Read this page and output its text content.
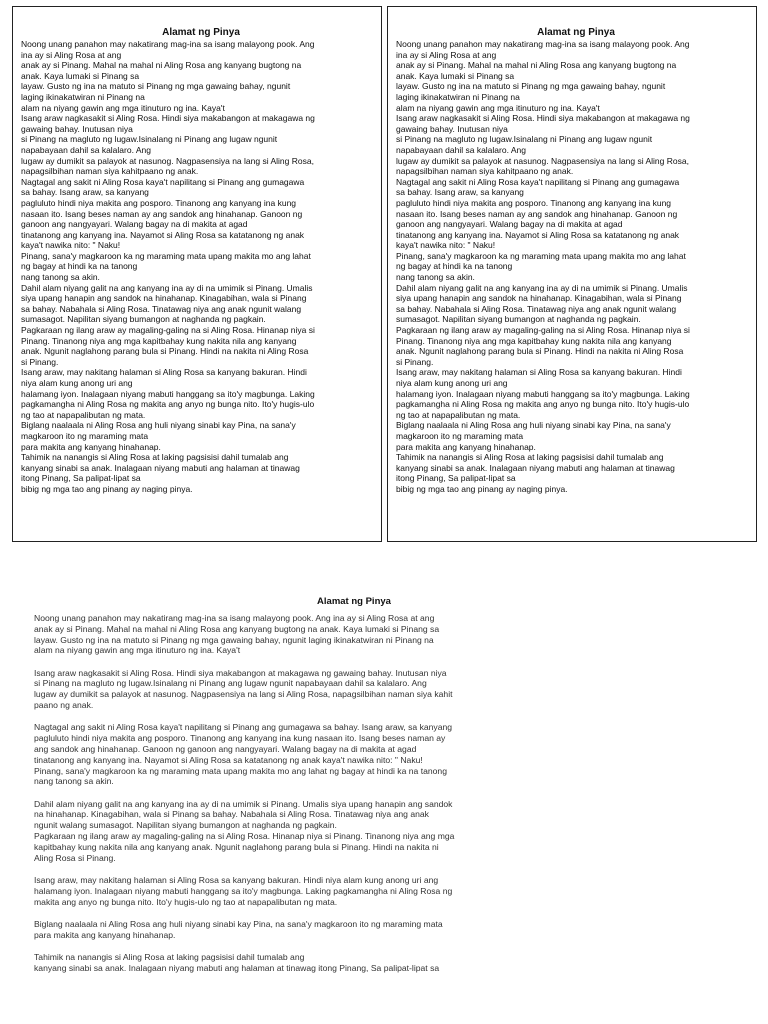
Alamat ng Pinya
Noong unang panahon may nakatirang mag-ina sa isang malayong pook. Ang
ina ay si Aling Rosa at ang
anak ay si Pinang. Mahal na mahal ni Aling Rosa ang kanyang bugtong na
anak. Kaya lumaki si Pinang sa
layaw. Gusto ng ina na matuto si Pinang ng mga gawaing bahay, ngunit
laging ikinakatwiran ni Pinang na
alam na niyang gawin ang mga itinuturo ng ina. Kaya't
Isang araw nagkasakit si Aling Rosa. Hindi siya makabangon at makagawa ng
gawaing bahay. Inutusan niya
si Pinang na magluto ng lugaw.Isinalang ni Pinang ang lugaw ngunit
napabayaan dahil sa kalalaro. Ang
lugaw ay dumikit sa palayok at nasunog. Nagpasensiya na lang si Aling Rosa,
napagsilbihan naman siya kahitpaano ng anak.
Nagtagal ang sakit ni Aling Rosa kaya't napilitang si Pinang ang gumagawa
sa bahay. Isang araw, sa kanyang
pagluluto hindi niya makita ang posporo. Tinanong ang kanyang ina kung
nasaan ito. Isang beses naman ay ang sandok ang hinahanap. Ganoon ng
ganoon ang nangyayari. Walang bagay na di makita at agad
tinatanong ang kanyang ina. Nayamot si Aling Rosa sa katatanong ng anak
kaya't nawika nito: " Naku!
Pinang, sana'y magkaroon ka ng maraming mata upang makita mo ang lahat
ng bagay at hindi ka na tanong
nang tanong sa akin.
Dahil alam niyang galit na ang kanyang ina ay di na umimik si Pinang. Umalis
siya upang hanapin ang sandok na hinahanap. Kinagabihan, wala si Pinang
sa bahay. Nabahala si Aling Rosa. Tinatawag niya ang anak ngunit walang
sumasagot. Napilitan siyang bumangon at naghanda ng pagkain.
Pagkaraan ng ilang araw ay magaling-galing na si Aling Rosa. Hinanap niya si
Pinang. Tinanong niya ang mga kapitbahay kung nakita nila ang kanyang
anak. Ngunit naglahong parang bula si Pinang. Hindi na nakita ni Aling Rosa
si Pinang.
Isang araw, may nakitang halaman si Aling Rosa sa kanyang bakuran. Hindi
niya alam kung anong uri ang
halamang iyon. Inalagaan niyang mabuti hanggang sa ito'y magbunga. Laking
pagkamangha ni Aling Rosa ng makita ang anyo ng bunga nito. Ito'y hugis-ulo
ng tao at napapalibutan ng mata.
Biglang naalaala ni Aling Rosa ang huli niyang sinabi kay Pina, na sana'y
magkaroon ito ng maraming mata
para makita ang kanyang hinahanap.
Tahimik na nanangis si Aling Rosa at laking pagsisisi dahil tumalab ang
kanyang sinabi sa anak. Inalagaan niyang mabuti ang halaman at tinawag
itong Pinang, Sa palipat-lipat sa
bibig ng mga tao ang pinang ay naging pinya.
Alamat ng Pinya
Noong unang panahon may nakatirang mag-ina sa isang malayong pook. Ang
ina ay si Aling Rosa at ang
anak ay si Pinang. Mahal na mahal ni Aling Rosa ang kanyang bugtong na
anak. Kaya lumaki si Pinang sa
layaw. Gusto ng ina na matuto si Pinang ng mga gawaing bahay, ngunit
laging ikinakatwiran ni Pinang na
alam na niyang gawin ang mga itinuturo ng ina. Kaya't
Isang araw nagkasakit si Aling Rosa. Hindi siya makabangon at makagawa ng
gawaing bahay. Inutusan niya
si Pinang na magluto ng lugaw.Isinalang ni Pinang ang lugaw ngunit
napabayaan dahil sa kalalaro. Ang
lugaw ay dumikit sa palayok at nasunog. Nagpasensiya na lang si Aling Rosa,
napagsilbihan naman siya kahitpaano ng anak.
Nagtagal ang sakit ni Aling Rosa kaya't napilitang si Pinang ang gumagawa
sa bahay. Isang araw, sa kanyang
pagluluto hindi niya makita ang posporo. Tinanong ang kanyang ina kung
nasaan ito. Isang beses naman ay ang sandok ang hinahanap. Ganoon ng
ganoon ang nangyayari. Walang bagay na di makita at agad
tinatanong ang kanyang ina. Nayamot si Aling Rosa sa katatanong ng anak
kaya't nawika nito: " Naku!
Pinang, sana'y magkaroon ka ng maraming mata upang makita mo ang lahat
ng bagay at hindi ka na tanong
nang tanong sa akin.
Dahil alam niyang galit na ang kanyang ina ay di na umimik si Pinang. Umalis
siya upang hanapin ang sandok na hinahanap. Kinagabihan, wala si Pinang
sa bahay. Nabahala si Aling Rosa. Tinatawag niya ang anak ngunit walang
sumasagot. Napilitan siyang bumangon at naghanda ng pagkain.
Pagkaraan ng ilang araw ay magaling-galing na si Aling Rosa. Hinanap niya si
Pinang. Tinanong niya ang mga kapitbahay kung nakita nila ang kanyang
anak. Ngunit naglahong parang bula si Pinang. Hindi na nakita ni Aling Rosa
si Pinang.
Isang araw, may nakitang halaman si Aling Rosa sa kanyang bakuran. Hindi
niya alam kung anong uri ang
halamang iyon. Inalagaan niyang mabuti hanggang sa ito'y magbunga. Laking
pagkamangha ni Aling Rosa ng makita ang anyo ng bunga nito. Ito'y hugis-ulo
ng tao at napapalibutan ng mata.
Biglang naalaala ni Aling Rosa ang huli niyang sinabi kay Pina, na sana'y
magkaroon ito ng maraming mata
para makita ang kanyang hinahanap.
Tahimik na nanangis si Aling Rosa at laking pagsisisi dahil tumalab ang
kanyang sinabi sa anak. Inalagaan niyang mabuti ang halaman at tinawag
itong Pinang, Sa palipat-lipat sa
bibig ng mga tao ang pinang ay naging pinya.
Alamat ng Pinya
Noong unang panahon may nakatirang mag-ina sa isang malayong pook. Ang ina ay si Aling Rosa at ang
anak ay si Pinang. Mahal na mahal ni Aling Rosa ang kanyang bugtong na anak. Kaya lumaki si Pinang sa
layaw. Gusto ng ina na matuto si Pinang ng mga gawaing bahay, ngunit laging ikinakatwiran ni Pinang na
alam na niyang gawin ang mga itinuturo ng ina. Kaya't
Isang araw nagkasakit si Aling Rosa. Hindi siya makabangon at makagawa ng gawaing bahay. Inutusan niya
si Pinang na magluto ng lugaw.Isinalang ni Pinang ang lugaw ngunit napabayaan dahil sa kalalaro. Ang
lugaw ay dumikit sa palayok at nasunog. Nagpasensiya na lang si Aling Rosa, napagsilbihan naman siya kahit
paano ng anak.
Nagtagal ang sakit ni Aling Rosa kaya't napilitang si Pinang ang gumagawa sa bahay. Isang araw, sa kanyang
pagluluto hindi niya makita ang posporo. Tinanong ang kanyang ina kung nasaan ito. Isang beses naman ay
ang sandok ang hinahanap. Ganoon ng ganoon ang nangyayari. Walang bagay na di makita at agad
tinatanong ang kanyang ina. Nayamot si Aling Rosa sa katatanong ng anak kaya't nawika nito: " Naku!
Pinang, sana'y magkaroon ka ng maraming mata upang makita mo ang lahat ng bagay at hindi ka na tanong
nang tanong sa akin.
Dahil alam niyang galit na ang kanyang ina ay di na umimik si Pinang. Umalis siya upang hanapin ang sandok
na hinahanap. Kinagabihan, wala si Pinang sa bahay. Nabahala si Aling Rosa. Tinatawag niya ang anak
ngunit walang sumasagot. Napilitan siyang bumangon at naghanda ng pagkain.
Pagkaraan ng ilang araw ay magaling-galing na si Aling Rosa. Hinanap niya si Pinang. Tinanong niya ang mga
kapitbahay kung nakita nila ang kanyang anak. Ngunit naglahong parang bula si Pinang. Hindi na nakita ni
Aling Rosa si Pinang.
Isang araw, may nakitang halaman si Aling Rosa sa kanyang bakuran. Hindi niya alam kung anong uri ang
halamang iyon. Inalagaan niyang mabuti hanggang sa ito'y magbunga. Laking pagkamangha ni Aling Rosa ng
makita ang anyo ng bunga nito. Ito'y hugis-ulo ng tao at napapalibutan ng mata.
Biglang naalaala ni Aling Rosa ang huli niyang sinabi kay Pina, na sana'y magkaroon ito ng maraming mata
para makita ang kanyang hinahanap.
Tahimik na nanangis si Aling Rosa at laking pagsisisi dahil tumalab ang
kanyang sinabi sa anak. Inalagaan niyang mabuti ang halaman at tinawag itong Pinang, Sa palipat-lipat sa
